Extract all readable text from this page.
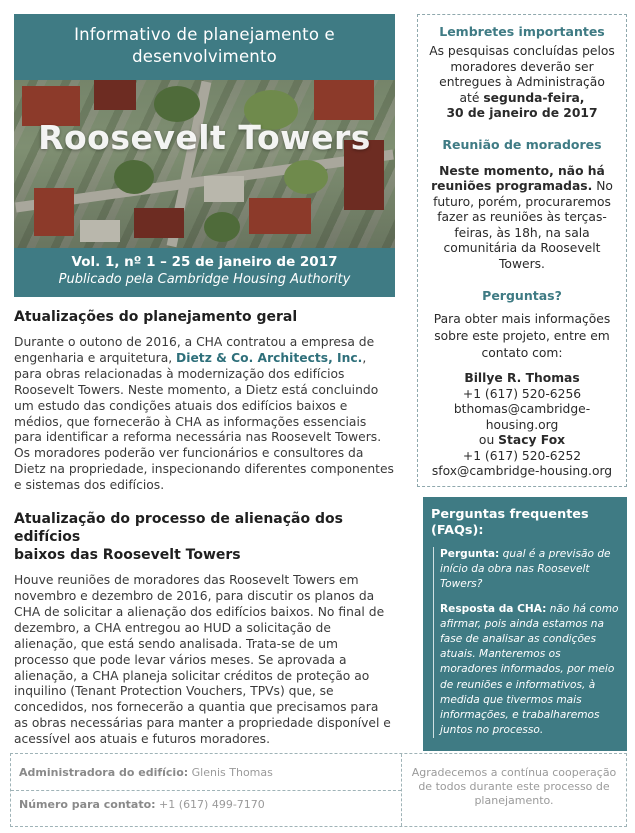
Informativo de planejamento e
desenvolvimento
Roosevelt Towers
Vol. 1, nº 1 – 25 de janeiro de 2017
Publicado pela Cambridge Housing Authority
Atualizações do planejamento geral

Durante o outono de 2016, a CHA contratou a empresa de engenharia e arquitetura, Dietz & Co. Architects, Inc., para obras relacionadas à modernização dos edifícios Roosevelt Towers. Neste momento, a Dietz está concluindo um estudo das condições atuais dos edifícios baixos e médios, que fornecerão à CHA as informações essenciais para identificar a reforma necessária nas Roosevelt Towers. Os moradores poderão ver funcionários e consultores da Dietz na propriedade, inspecionando diferentes componentes e sistemas dos edifícios.

Atualização do processo de alienação dos edifícios
baixos das Roosevelt Towers

Houve reuniões de moradores das Roosevelt Towers em novembro e dezembro de 2016, para discutir os planos da CHA de solicitar a alienação dos edifícios baixos. No final de dezembro, a CHA entregou ao HUD a solicitação de alienação, que está sendo analisada. Trata-se de um processo que pode levar vários meses. Se aprovada a alienação, a CHA planeja solicitar créditos de proteção ao inquilino (Tenant Protection Vouchers, TPVs) que, se concedidos, nos fornecerão a quantia que precisamos para as obras necessárias para manter a propriedade disponível e acessível aos atuais e futuros moradores.

Lembretes importantes

As pesquisas concluídas pelos moradores deverão ser entregues à Administração
até segunda-feira,
30 de janeiro de 2017

Reunião de moradores

Neste momento, não há reuniões programadas. No futuro, porém, procuraremos fazer as reuniões às terças-feiras, às 18h, na sala comunitária da Roosevelt Towers.

Perguntas?

Para obter mais informações sobre este projeto, entre em contato com:

Billye R. Thomas
+1 (617) 520-6256
bthomas@cambridge-
housing.org
ou Stacy Fox
+1 (617) 520-6252
sfox@cambridge-housing.org

Perguntas frequentes (FAQs):

Pergunta: qual é a previsão de início da obra nas Roosevelt Towers?

Resposta da CHA: não há como afirmar, pois ainda estamos na fase de analisar as condições atuais. Manteremos os moradores informados, por meio de reuniões e informativos, à medida que tivermos mais informações, e trabalharemos juntos no processo.

Administradora do edifício: Glenis Thomas
Número para contato: +1 (617) 499-7170
Agradecemos a contínua cooperação de todos durante este processo de planejamento.
